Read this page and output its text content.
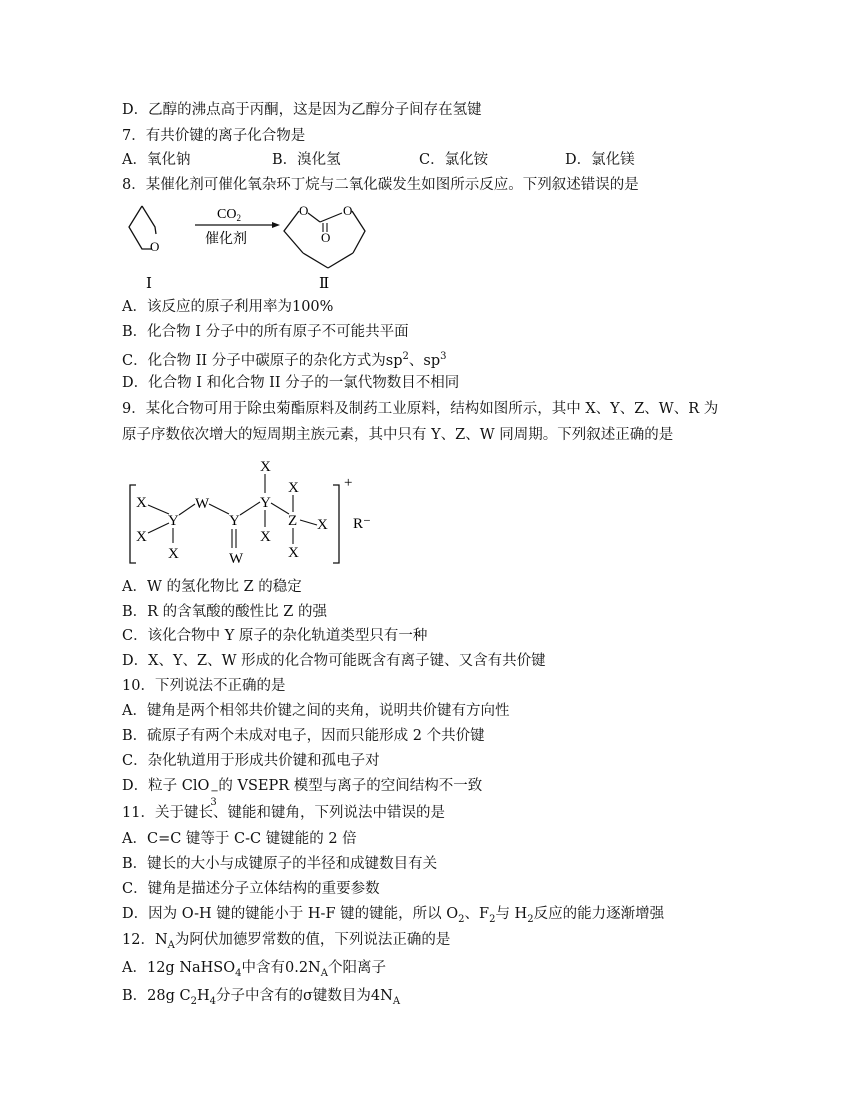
D．乙醇的沸点高于丙酮，这是因为乙醇分子间存在氢键
7．有共价键的离子化合物是
A．氧化钠	B．溴化氢	C．氯化铵	D．氯化镁
8．某催化剂可催化氧杂环丁烷与二氧化碳发生如图所示反应。下列叙述错误的是
O
$CO_2$
催化剂
O	O
O
Ⅰ	Ⅱ
A．该反应的原子利用率为100%
B．化合物 I 分子中的所有原子不可能共平面
C．化合物 II 分子中碳原子的杂化方式为$sp^2$、$sp^3$
D．化合物 I 和化合物 II 分子的一氯代物数目不相同
9．某化合物可用于除虫菊酯原料及制药工业原料，结构如图所示，其中 X、Y、Z、W、R 为
原子序数依次增大的短周期主族元素，其中只有 Y、Z、W 同周期。下列叙述正确的是
+
R⁻
X
X
Y
X
W
Y
W
X
Y
X
X
Z
X
X
A．W 的氢化物比 Z 的稳定
B．R 的含氧酸的酸性比 Z 的强
C．该化合物中 Y 原子的杂化轨道类型只有一种
D．X、Y、Z、W 形成的化合物可能既含有离子键、又含有共价键
10．下列说法不正确的是
A．键角是两个相邻共价键之间的夹角，说明共价键有方向性
B．硫原子有两个未成对电子，因而只能形成 2 个共价键
C．杂化轨道用于形成共价键和孤电子对
D．粒子 ClO −
3
的 VSEPR 模型与离子的空间结构不一致
11．关于键长、键能和键角，下列说法中错误的是
A．C=C 键等于 C-C 键键能的 2 倍
B．键长的大小与成键原子的半径和成键数目有关
C．键角是描述分子立体结构的重要参数
D．因为 O-H 键的键能小于 H-F 键的键能，所以 $O_2$、$F_2$与 $H_2$反应的能力逐渐增强
12．$N_A$为阿伏加德罗常数的值，下列说法正确的是
A．12g NaHSO$_4$中含有$0.2N_A$个阳离子
B．28g $C_2H_4$分子中含有的σ键数目为$4N_A$
